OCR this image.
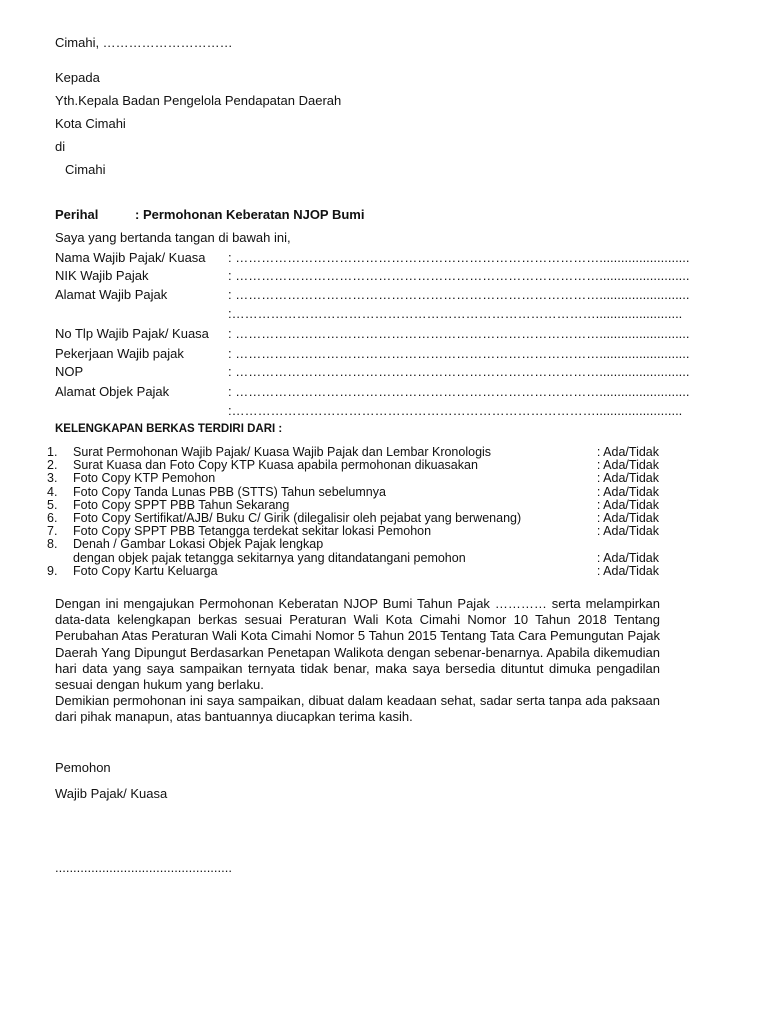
Cimahi, …………………………
Kepada
Yth.Kepala Badan Pengelola Pendapatan Daerah
Kota Cimahi
di
Cimahi
Perihal	: Permohonan Keberatan NJOP Bumi
Saya yang bertanda tangan di bawah ini,
Nama Wajib Pajak/ Kuasa : ………………………………………………………………………….........................
NIK Wajib Pajak	: ………………………………………………………………………….........................
Alamat Wajib Pajak	: ………………………………………………………………………….........................
:…………………………………………………………………………........................
No Tlp Wajib Pajak/ Kuasa : ………………………………………………………………………….........................
Pekerjaan Wajib pajak	: ………………………………………………………………………….........................
NOP	: ………………………………………………………………………….........................
Alamat Objek Pajak	: ………………………………………………………………………….........................
:…………………………………………………………………………........................
KELENGKAPAN BERKAS TERDIRI DARI :
1.	Surat Permohonan Wajib Pajak/ Kuasa Wajib Pajak dan Lembar Kronologis	: Ada/Tidak
2.	Surat Kuasa dan Foto Copy KTP Kuasa apabila permohonan dikuasakan	: Ada/Tidak
3.	Foto Copy KTP Pemohon	: Ada/Tidak
4.	Foto Copy Tanda Lunas PBB (STTS) Tahun sebelumnya	: Ada/Tidak
5.	Foto Copy SPPT PBB Tahun Sekarang	: Ada/Tidak
6.	Foto Copy Sertifikat/AJB/ Buku C/ Girik (dilegalisir oleh pejabat yang berwenang)	: Ada/Tidak
7.	Foto Copy SPPT PBB Tetangga terdekat sekitar lokasi Pemohon	: Ada/Tidak
8.	Denah / Gambar Lokasi Objek Pajak lengkap
dengan objek pajak tetangga sekitarnya yang ditandatangani pemohon	: Ada/Tidak
9.	Foto Copy Kartu Keluarga	: Ada/Tidak
Dengan ini mengajukan Permohonan Keberatan NJOP Bumi Tahun Pajak ………… serta melampirkan data-data kelengkapan berkas sesuai Peraturan Wali Kota Cimahi Nomor 10 Tahun 2018 Tentang Perubahan Atas Peraturan Wali Kota Cimahi Nomor 5 Tahun 2015 Tentang Tata Cara Pemungutan Pajak Daerah Yang Dipungut Berdasarkan Penetapan Walikota dengan sebenar-benarnya. Apabila dikemudian hari data yang saya sampaikan ternyata tidak benar, maka saya bersedia dituntut dimuka pengadilan sesuai dengan hukum yang berlaku.
Demikian permohonan ini saya sampaikan, dibuat dalam keadaan sehat, sadar serta tanpa ada paksaan dari pihak manapun, atas bantuannya diucapkan terima kasih.
Pemohon
Wajib Pajak/ Kuasa
.................................................
